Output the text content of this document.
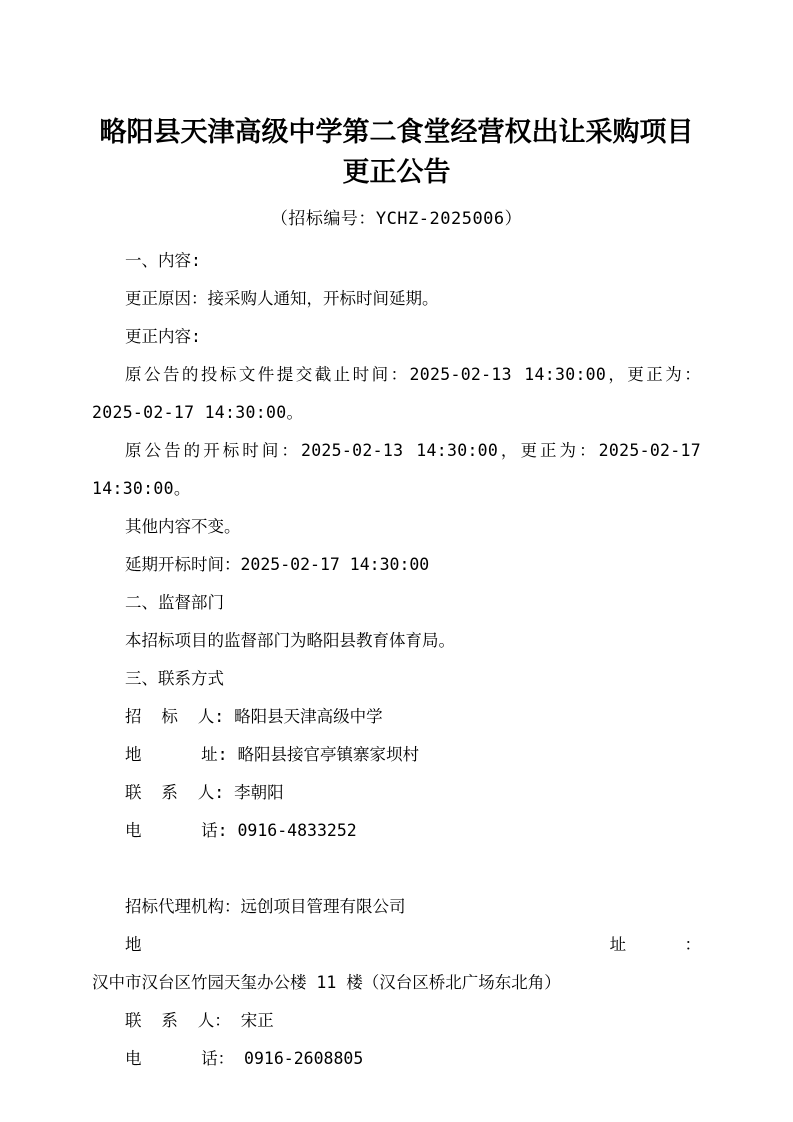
略阳县天津高级中学第二食堂经营权出让采购项目更正公告
（招标编号：YCHZ-2025006）

一、内容:

更正原因：接采购人通知，开标时间延期。

更正内容:

原公告的投标文件提交截止时间：2025-02-13 14:30:00，更正为：2025-02-17 14:30:00。

原公告的开标时间：2025-02-13 14:30:00，更正为：2025-02-17 14:30:00。

其他内容不变。

延期开标时间：2025-02-17 14:30:00

二、监督部门

本招标项目的监督部门为略阳县教育体育局。

三、联系方式

招  标  人: 略阳县天津高级中学

地      址: 略阳县接官亭镇寨家坝村

联  系  人: 李朝阳

电      话: 0916-4833252

招标代理机构：远创项目管理有限公司

地      址：汉中市汉台区竹园天玺办公楼 11 楼（汉台区桥北广场东北角）

联  系  人： 宋正

电      话： 0916-2608805
